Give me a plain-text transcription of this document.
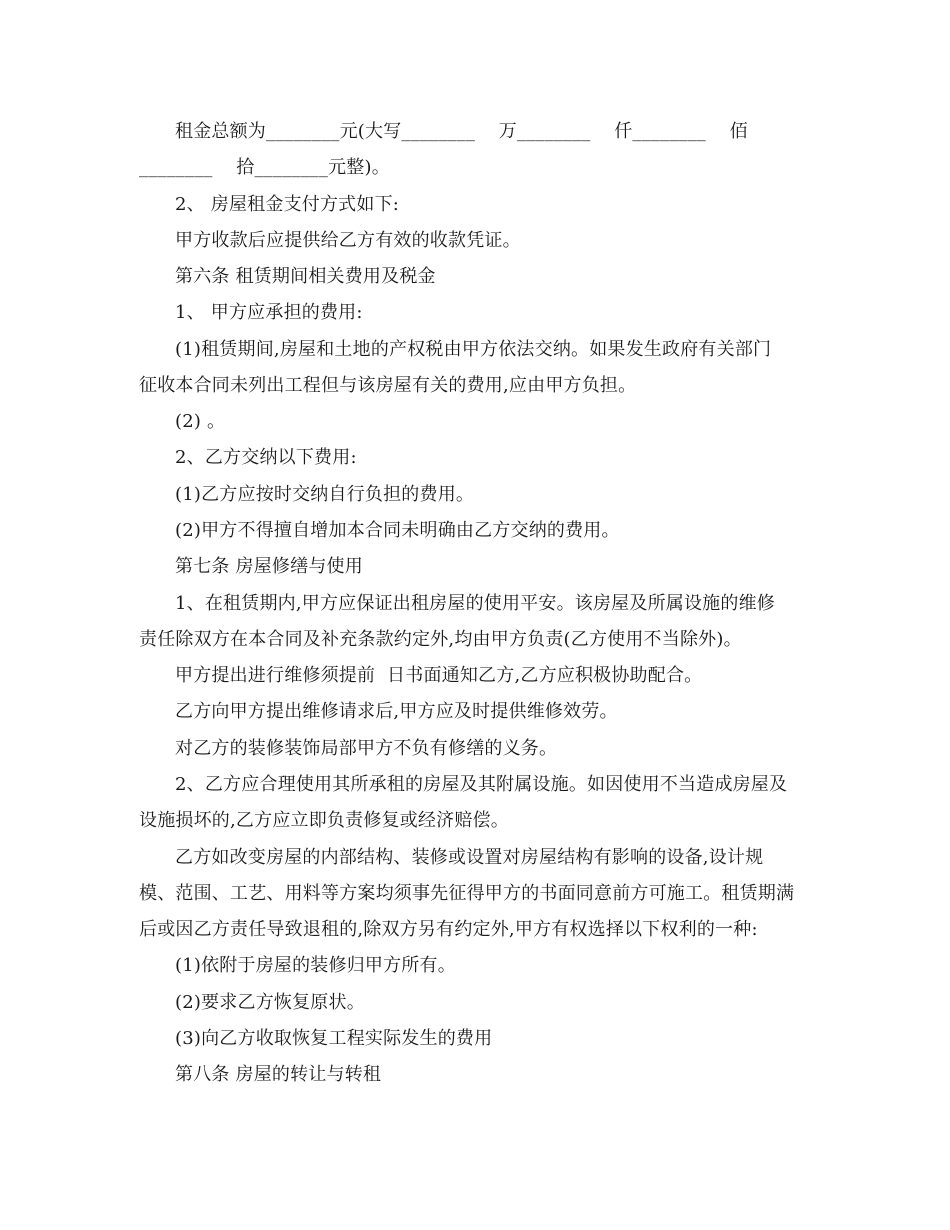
租金总额为________元(大写________    万________    仟________    佰
________    拾________元整)。
2、 房屋租金支付方式如下:
甲方收款后应提供给乙方有效的收款凭证。
第六条 租赁期间相关费用及税金
1、 甲方应承担的费用:
(1)租赁期间,房屋和土地的产权税由甲方依法交纳。如果发生政府有关部门
征收本合同未列出工程但与该房屋有关的费用,应由甲方负担。
(2) 。
2、乙方交纳以下费用:
(1)乙方应按时交纳自行负担的费用。
(2)甲方不得擅自增加本合同未明确由乙方交纳的费用。
第七条 房屋修缮与使用
1、在租赁期内,甲方应保证出租房屋的使用平安。该房屋及所属设施的维修
责任除双方在本合同及补充条款约定外,均由甲方负责(乙方使用不当除外)。
甲方提出进行维修须提前  日书面通知乙方,乙方应积极协助配合。
乙方向甲方提出维修请求后,甲方应及时提供维修效劳。
对乙方的装修装饰局部甲方不负有修缮的义务。
2、乙方应合理使用其所承租的房屋及其附属设施。如因使用不当造成房屋及
设施损坏的,乙方应立即负责修复或经济赔偿。
乙方如改变房屋的内部结构、装修或设置对房屋结构有影响的设备,设计规
模、范围、工艺、用料等方案均须事先征得甲方的书面同意前方可施工。租赁期满
后或因乙方责任导致退租的,除双方另有约定外,甲方有权选择以下权利的一种:
(1)依附于房屋的装修归甲方所有。
(2)要求乙方恢复原状。
(3)向乙方收取恢复工程实际发生的费用
第八条 房屋的转让与转租
